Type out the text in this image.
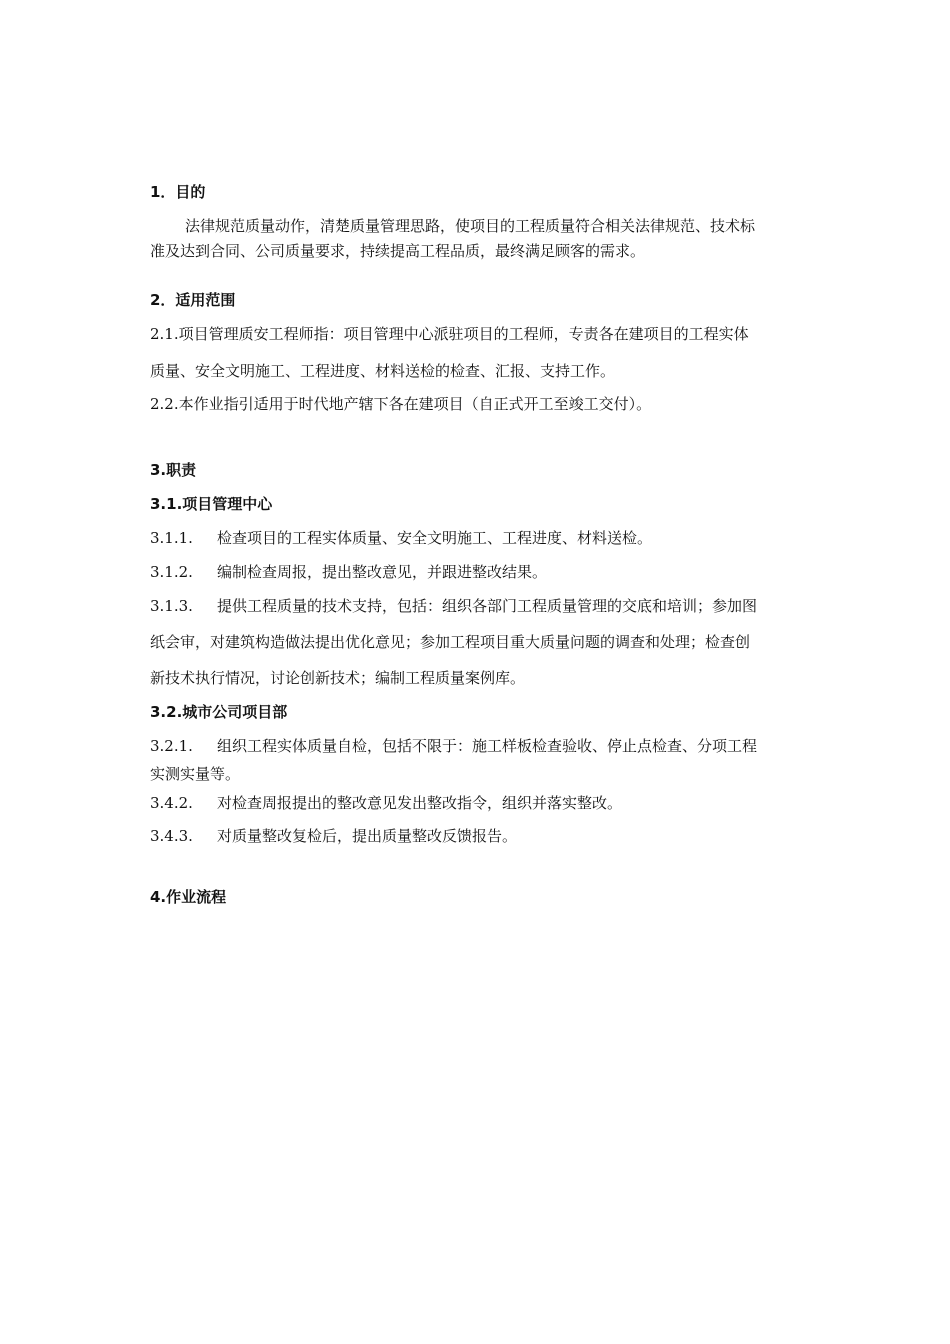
1．目的
法律规范质量动作，清楚质量管理思路，使项目的工程质量符合相关法律规范、技术标
准及达到合同、公司质量要求，持续提高工程品质，最终满足顾客的需求。
2．适用范围
2.1.项目管理质安工程师指：项目管理中心派驻项目的工程师，专责各在建项目的工程实体
质量、安全文明施工、工程进度、材料送检的检查、汇报、支持工作。
2.2.本作业指引适用于时代地产辖下各在建项目（自正式开工至竣工交付）。
3.职责
3.1.项目管理中心
3.1.1. 检查项目的工程实体质量、安全文明施工、工程进度、材料送检。
3.1.2. 编制检查周报，提出整改意见，并跟进整改结果。
3.1.3. 提供工程质量的技术支持，包括：组织各部门工程质量管理的交底和培训；参加图
纸会审，对建筑构造做法提出优化意见；参加工程项目重大质量问题的调查和处理；检查创
新技术执行情况，讨论创新技术；编制工程质量案例库。
3.2.城市公司项目部
3.2.1. 组织工程实体质量自检，包括不限于：施工样板检查验收、停止点检查、分项工程
实测实量等。
3.4.2. 对检查周报提出的整改意见发出整改指令，组织并落实整改。
3.4.3. 对质量整改复检后，提出质量整改反馈报告。
4.作业流程
